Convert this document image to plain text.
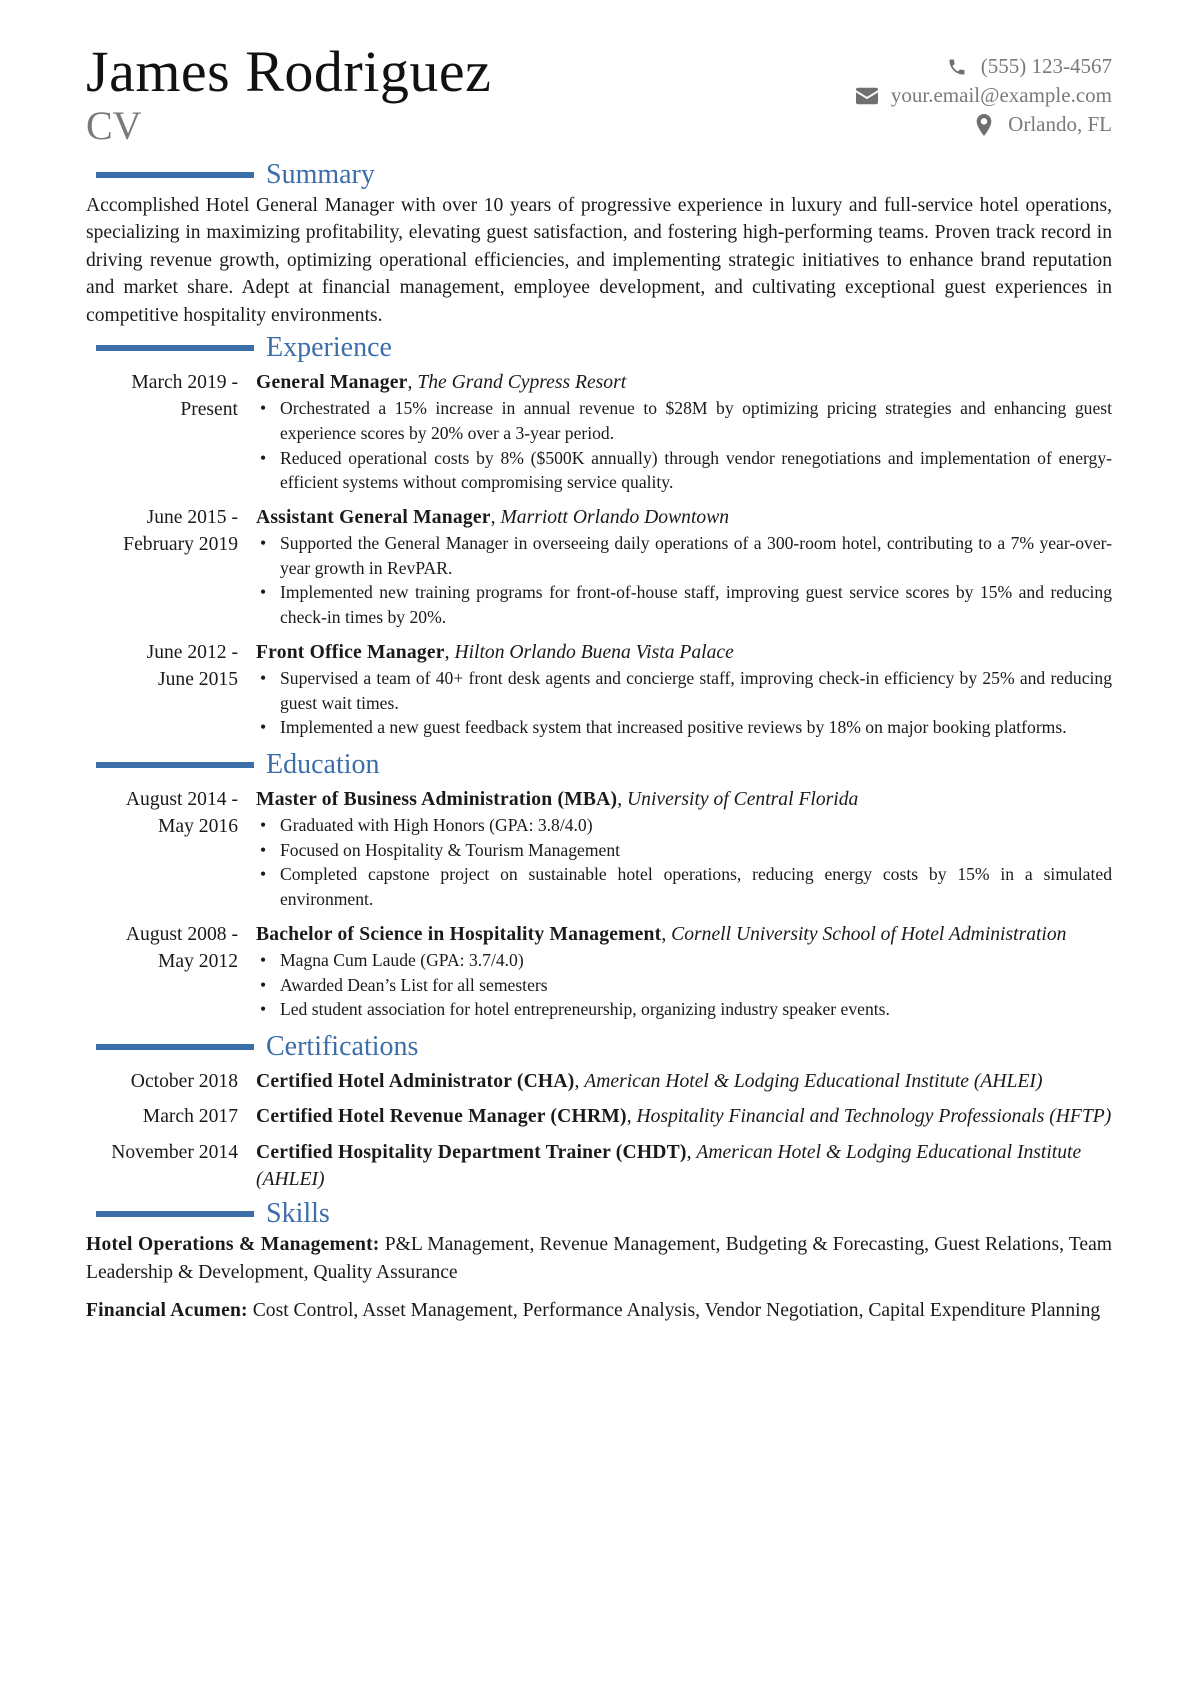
James Rodriguez
CV
(555) 123-4567
your.email@example.com
Orlando, FL
Summary

Accomplished Hotel General Manager with over 10 years of progressive experience in luxury and full-service hotel operations, specializing in maximizing profitability, elevating guest satisfaction, and fostering high-performing teams. Proven track record in driving revenue growth, optimizing operational efficiencies, and implementing strategic initiatives to enhance brand reputation and market share. Adept at financial management, employee development, and cultivating exceptional guest experiences in competitive hospitality environments.

Experience
March 2019 -
Present
General Manager, The Grand Cypress Resort
• Orchestrated a 15% increase in annual revenue to $28M by optimizing pricing strategies and enhancing guest experience scores by 20% over a 3-year period.
• Reduced operational costs by 8% ($500K annually) through vendor renegotiations and implementation of energy-efficient systems without compromising service quality.
June 2015 -
February 2019
Assistant General Manager, Marriott Orlando Downtown
• Supported the General Manager in overseeing daily operations of a 300-room hotel, contributing to a 7% year-over-year growth in RevPAR.
• Implemented new training programs for front-of-house staff, improving guest service scores by 15% and reducing check-in times by 20%.
June 2012 -
June 2015
Front Office Manager, Hilton Orlando Buena Vista Palace
• Supervised a team of 40+ front desk agents and concierge staff, improving check-in efficiency by 25% and reducing guest wait times.
• Implemented a new guest feedback system that increased positive reviews by 18% on major booking platforms.
Education
August 2014 -
May 2016
Master of Business Administration (MBA), University of Central Florida
• Graduated with High Honors (GPA: 3.8/4.0)
• Focused on Hospitality & Tourism Management
• Completed capstone project on sustainable hotel operations, reducing energy costs by 15% in a simulated environment.
August 2008 -
May 2012
Bachelor of Science in Hospitality Management, Cornell University School of Hotel Administration
• Magna Cum Laude (GPA: 3.7/4.0)
• Awarded Dean’s List for all semesters
• Led student association for hotel entrepreneurship, organizing industry speaker events.
Certifications
October 2018 Certified Hotel Administrator (CHA), American Hotel & Lodging Educational Institute (AHLEI)
March 2017 Certified Hotel Revenue Manager (CHRM), Hospitality Financial and Technology Professionals (HFTP)
November 2014 Certified Hospitality Department Trainer (CHDT), American Hotel & Lodging Educational Institute (AHLEI)
Skills

Hotel Operations & Management: P&L Management, Revenue Management, Budgeting & Forecasting, Guest Relations, Team Leadership & Development, Quality Assurance

Financial Acumen: Cost Control, Asset Management, Performance Analysis, Vendor Negotiation, Capital Expenditure Planning
